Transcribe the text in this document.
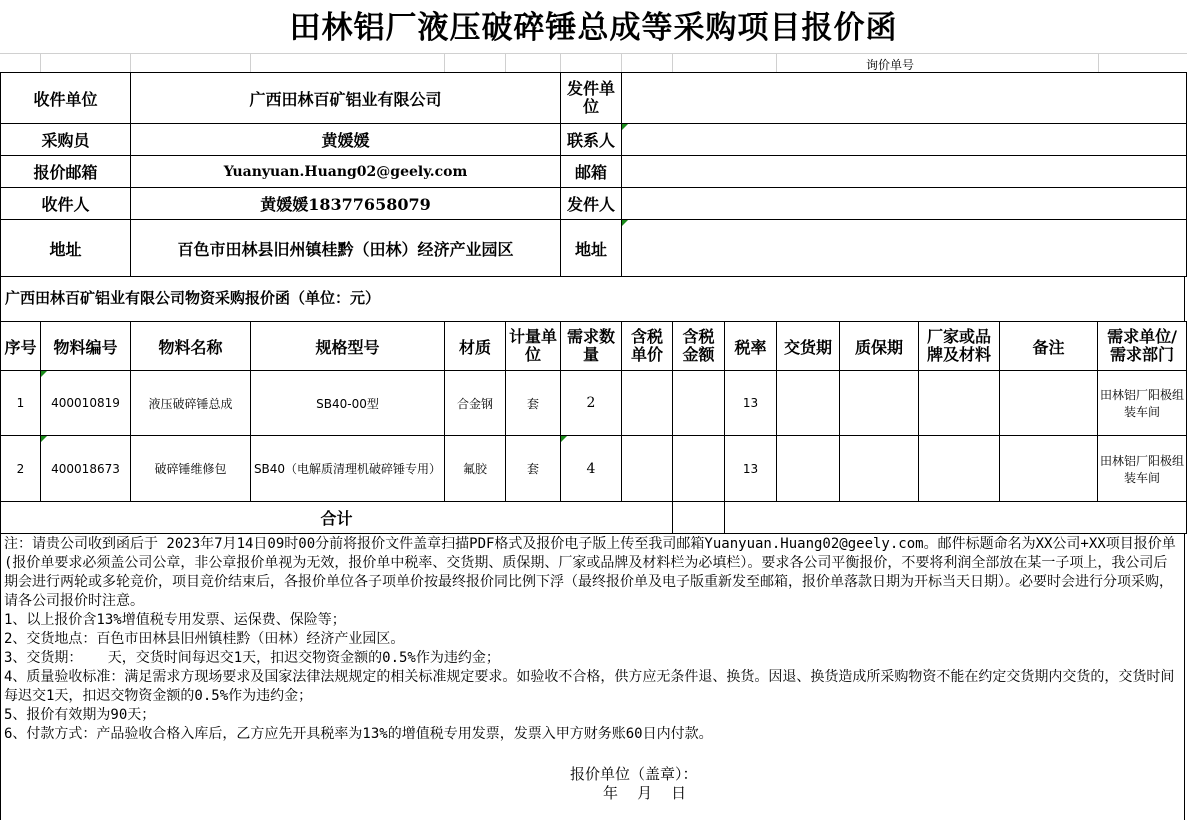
田林铝厂液压破碎锤总成等采购项目报价函
询价单号
收件单位	广西田林百矿铝业有限公司	发件单位	
采购员	黄媛媛	联系人	
报价邮箱	Yuanyuan.Huang02@geely.com	邮箱	
收件人	黄媛媛18377658079	发件人	
地址	百色市田林县旧州镇桂黔（田林）经济产业园区	地址	
广西田林百矿铝业有限公司物资采购报价函（单位：元）
序号	物料编号	物料名称	规格型号	材质	计量单位	需求数量	含税单价	含税金额	税率	交货期	质保期	厂家或品牌及材料	备注	需求单位/需求部门
1	400010819	液压破碎锤总成	SB40-00型	合金钢	套	2			13					田林铝厂阳极组装车间
2	400018673	破碎锤维修包	SB40（电解质清理机破碎锤专用）	氟胶	套	4			13					田林铝厂阳极组装车间
合计														

注：请贵公司收到函后于 2023年7月14日09时00分前将报价文件盖章扫描PDF格式及报价电子版上传至我司邮箱Yuanyuan.Huang02@geely.com。邮件标题命名为XX公司+XX项目报价单(报价单要求必须盖公司公章，非公章报价单视为无效，报价单中税率、交货期、质保期、厂家或品牌及材料栏为必填栏）。要求各公司平衡报价，不要将利润全部放在某一子项上，我公司后期会进行两轮或多轮竞价，项目竞价结束后，各报价单位各子项单价按最终报价同比例下浮（最终报价单及电子版重新发至邮箱，报价单落款日期为开标当天日期）。必要时会进行分项采购，请各公司报价时注意。

1、以上报价含13%增值税专用发票、运保费、保险等；

2、交货地点：百色市田林县旧州镇桂黔（田林）经济产业园区。

3、交货期：   天，交货时间每迟交1天，扣迟交物资金额的0.5%作为违约金；

4、质量验收标准：满足需求方现场要求及国家法律法规规定的相关标准规定要求。如验收不合格，供方应无条件退、换货。因退、换货造成所采购物资不能在约定交货期内交货的，交货时间每迟交1天，扣迟交物资金额的0.5%作为违约金；

5、报价有效期为90天；

6、付款方式：产品验收合格入库后，乙方应先开具税率为13%的增值税专用发票，发票入甲方财务账60日内付款。

报价单位（盖章）：
年    月    日
